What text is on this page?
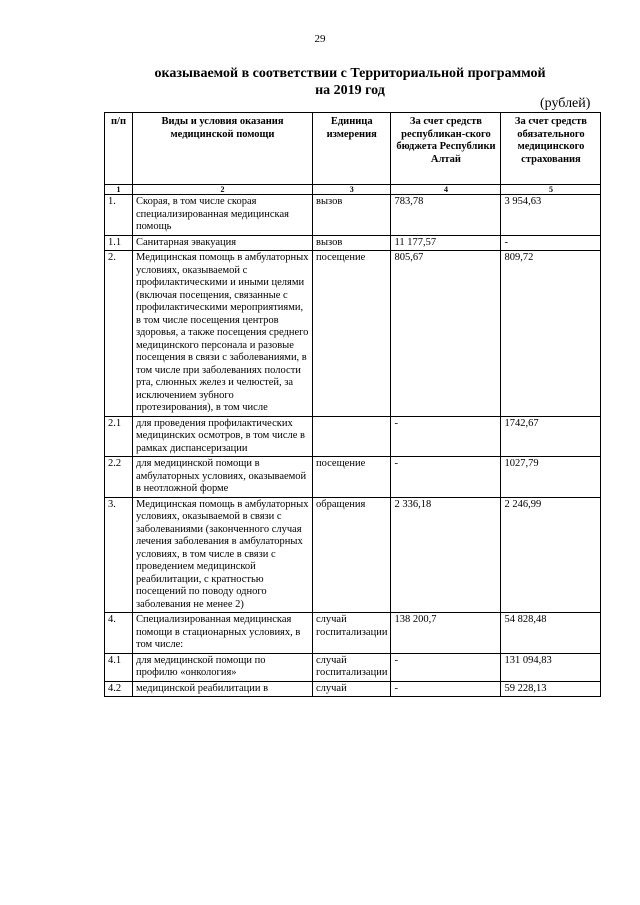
29
оказываемой в соответствии с Территориальной программой
на 2019 год
(рублей)
п/п	Виды и условия оказания медицинской помощи	Единица измерения	За счет средств республикан-ского бюджета Республики Алтай	За счет средств обязательного медицинского страхования
1	2	3	4	5
1.	Скорая, в том числе скорая специализированная медицинская помощь	вызов	783,78	3 954,63
1.1	Санитарная эвакуация	вызов	11 177,57	-
2.	Медицинская помощь в амбулаторных условиях, оказываемой с профилактическими и иными целями (включая посещения, связанные с профилактическими мероприятиями, в том числе посещения центров здоровья, а также посещения среднего медицинского персонала и разовые посещения в связи с заболеваниями, в том числе при заболеваниях полости рта, слюнных желез и челюстей, за исключением зубного протезирования), в том числе	посещение	805,67	809,72
2.1	для проведения профилактических медицинских осмотров, в том числе в рамках диспансеризации		-	1742,67
2.2	для медицинской помощи в амбулаторных условиях, оказываемой в неотложной форме	посещение	-	1027,79
3.	Медицинская помощь в амбулаторных условиях, оказываемой в связи с заболеваниями (законченного случая лечения заболевания в амбулаторных условиях, в том числе в связи с проведением медицинской реабилитации, с кратностью посещений по поводу одного заболевания не менее 2)	обращения	2 336,18	2 246,99
4.	Специализированная медицинская помощи в стационарных условиях, в том числе:	случай госпитализации	138 200,7	54 828,48
4.1	для медицинской помощи по профилю «онкология»	случай госпитализации	-	131 094,83
4.2	медицинской реабилитации в	случай	-	59 228,13
